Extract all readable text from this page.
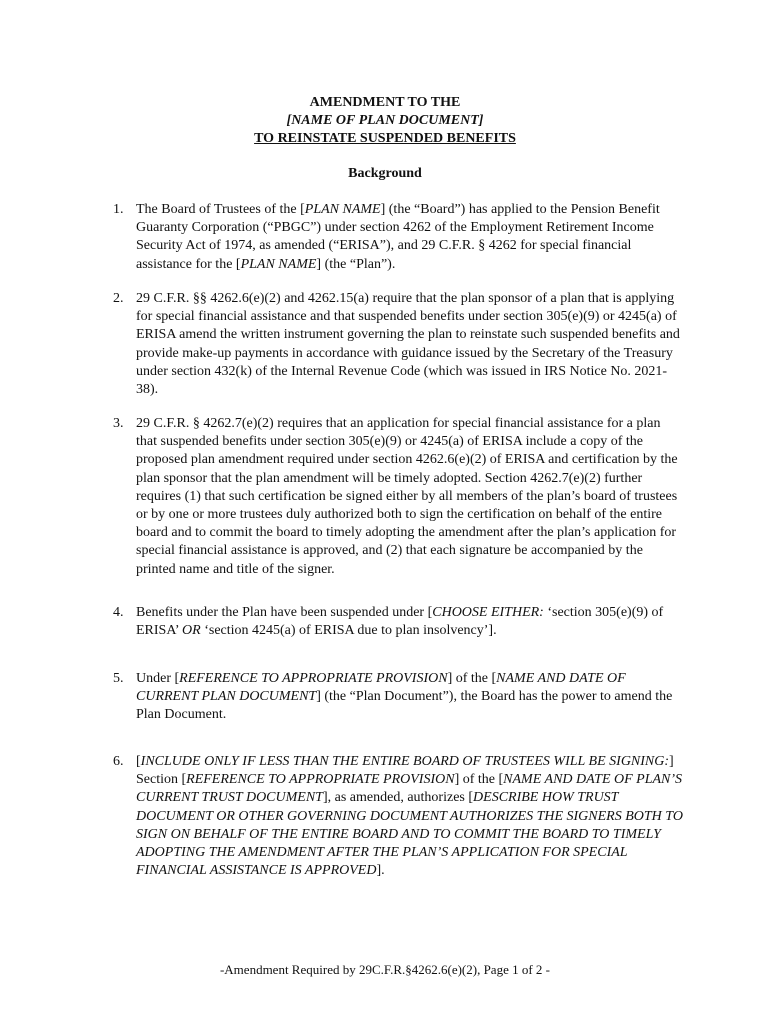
AMENDMENT TO THE
[NAME OF PLAN DOCUMENT]
TO REINSTATE SUSPENDED BENEFITS
Background
1. The Board of Trustees of the [PLAN NAME] (the “Board”) has applied to the Pension Benefit Guaranty Corporation (“PBGC”) under section 4262 of the Employment Retirement Income Security Act of 1974, as amended (“ERISA”), and 29 C.F.R. § 4262 for special financial assistance for the [PLAN NAME] (the “Plan”).
2. 29 C.F.R. §§ 4262.6(e)(2) and 4262.15(a) require that the plan sponsor of a plan that is applying for special financial assistance and that suspended benefits under section 305(e)(9) or 4245(a) of ERISA amend the written instrument governing the plan to reinstate such suspended benefits and provide make-up payments in accordance with guidance issued by the Secretary of the Treasury under section 432(k) of the Internal Revenue Code (which was issued in IRS Notice No. 2021-38).
3. 29 C.F.R. § 4262.7(e)(2) requires that an application for special financial assistance for a plan that suspended benefits under section 305(e)(9) or 4245(a) of ERISA include a copy of the proposed plan amendment required under section 4262.6(e)(2) of ERISA and certification by the plan sponsor that the plan amendment will be timely adopted. Section 4262.7(e)(2) further requires (1) that such certification be signed either by all members of the plan’s board of trustees or by one or more trustees duly authorized both to sign the certification on behalf of the entire board and to commit the board to timely adopting the amendment after the plan’s application for special financial assistance is approved, and (2) that each signature be accompanied by the printed name and title of the signer.
4. Benefits under the Plan have been suspended under [CHOOSE EITHER: ‘section 305(e)(9) of ERISA’ OR ‘section 4245(a) of ERISA due to plan insolvency’].
5. Under [REFERENCE TO APPROPRIATE PROVISION] of the [NAME AND DATE OF CURRENT PLAN DOCUMENT] (the “Plan Document”), the Board has the power to amend the Plan Document.
6. [INCLUDE ONLY IF LESS THAN THE ENTIRE BOARD OF TRUSTEES WILL BE SIGNING:] Section [REFERENCE TO APPROPRIATE PROVISION] of the [NAME AND DATE OF PLAN’S CURRENT TRUST DOCUMENT], as amended, authorizes [DESCRIBE HOW TRUST DOCUMENT OR OTHER GOVERNING DOCUMENT AUTHORIZES THE SIGNERS BOTH TO SIGN ON BEHALF OF THE ENTIRE BOARD AND TO COMMIT THE BOARD TO TIMELY ADOPTING THE AMENDMENT AFTER THE PLAN’S APPLICATION FOR SPECIAL FINANCIAL ASSISTANCE IS APPROVED].
-Amendment Required by 29C.F.R.§4262.6(e)(2), Page 1 of 2 -
